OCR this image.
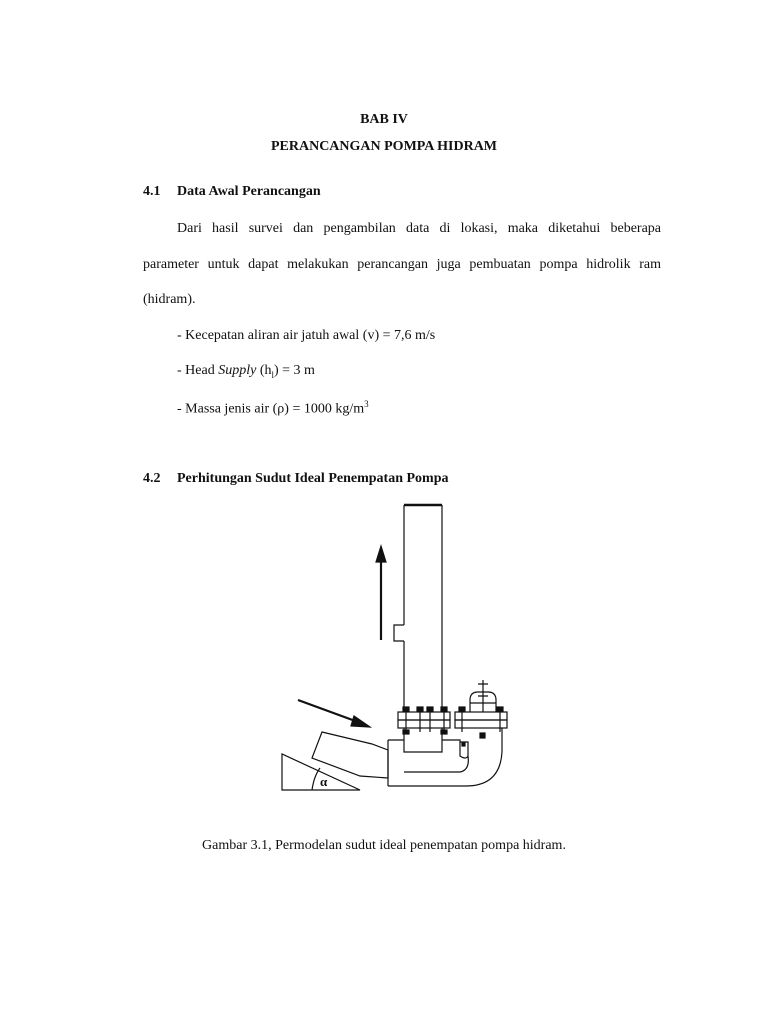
BAB IV
PERANCANGAN POMPA HIDRAM
4.1 Data Awal Perancangan
Dari hasil survei dan pengambilan data di lokasi, maka diketahui beberapa
parameter untuk dapat melakukan perancangan juga pembuatan pompa hidrolik ram
(hidram).
- Kecepatan aliran air jatuh awal (v) = 7,6 m/s
- Head Supply $(h_l) = 3$ m
- Massa jenis air (ρ) = 1000 $kg/m^3$
4.2 Perhitungan Sudut Ideal Penempatan Pompa
α
Gambar 3.1, Permodelan sudut ideal penempatan pompa hidram.
